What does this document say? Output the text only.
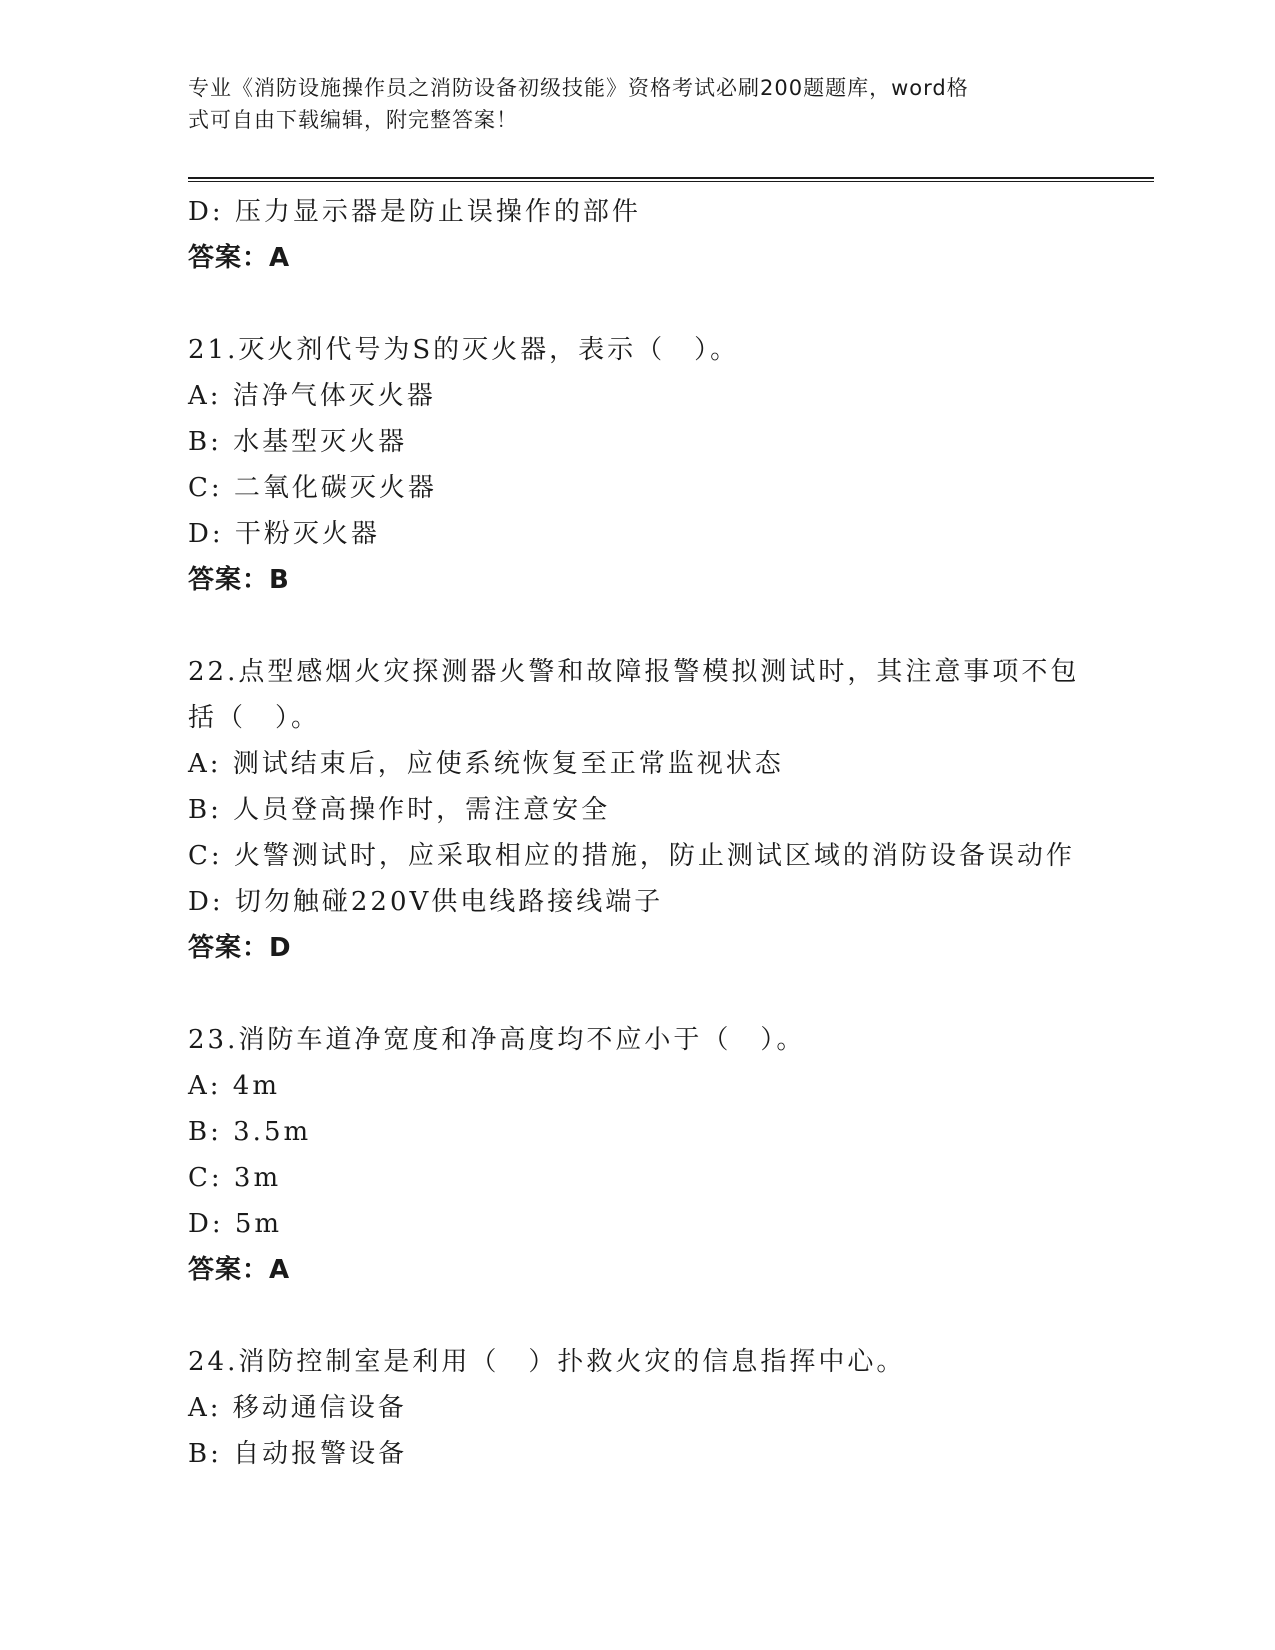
专业《消防设施操作员之消防设备初级技能》资格考试必刷200题题库，word格
式可自由下载编辑，附完整答案！
D: 压力显示器是防止误操作的部件
答案：A
21.灭火剂代号为S的灭火器，表示（　）。
A: 洁净气体灭火器
B: 水基型灭火器
C: 二氧化碳灭火器
D: 干粉灭火器
答案：B
22.点型感烟火灾探测器火警和故障报警模拟测试时，其注意事项不包
括（　）。
A: 测试结束后，应使系统恢复至正常监视状态
B: 人员登高操作时，需注意安全
C: 火警测试时，应采取相应的措施，防止测试区域的消防设备误动作
D: 切勿触碰220V供电线路接线端子
答案：D
23.消防车道净宽度和净高度均不应小于（　）。
A: 4m
B: 3.5m
C: 3m
D: 5m
答案：A
24.消防控制室是利用（　）扑救火灾的信息指挥中心。
A: 移动通信设备
B: 自动报警设备
